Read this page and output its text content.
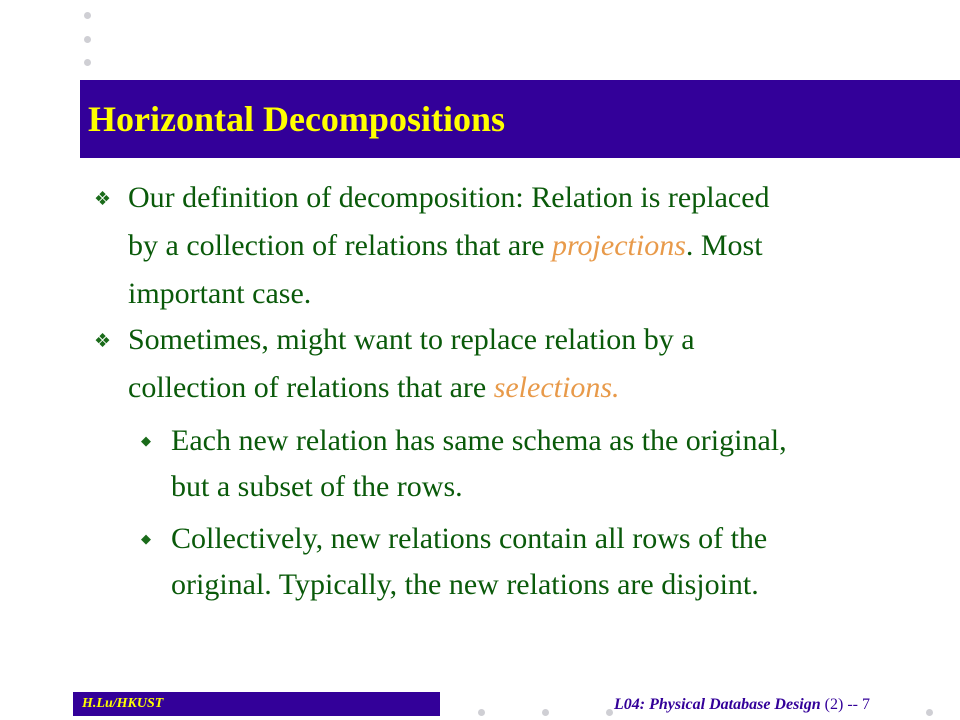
Horizontal Decompositions
❖ Our definition of decomposition: Relation is replaced
by a collection of relations that are projections. Most
important case.
❖ Sometimes, might want to replace relation by a
collection of relations that are selections.
◆ Each new relation has same schema as the original,
but a subset of the rows.
◆ Collectively, new relations contain all rows of the
original. Typically, the new relations are disjoint.
H.Lu/HKUST	L04: Physical Database Design (2) -- 7
